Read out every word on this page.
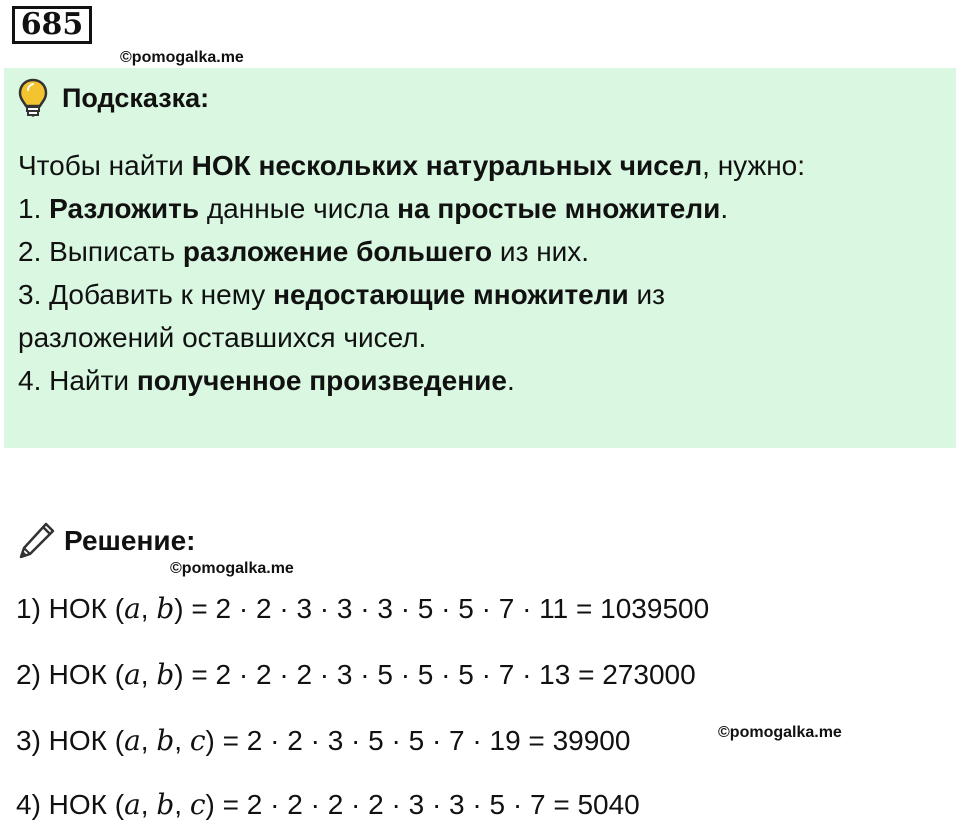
685
©pomogalka.me
Подсказка:

Чтобы найти НОК нескольких натуральных чисел, нужно:

1. Разложить данные числа на простые множители.

2. Выписать разложение большего из них.

3. Добавить к нему недостающие множители из

разложений оставшихся чисел.

4. Найти полученное произведение.

Решение:
©pomogalka.me
1) НОК (a, b) = 2 · 2 · 3 · 3 · 3 · 5 · 5 · 7 · 11 = 1039500
2) НОК (a, b) = 2 · 2 · 2 · 3 · 5 · 5 · 5 · 7 · 13 = 273000
3) НОК (a, b, c) = 2 · 2 · 3 · 5 · 5 · 7 · 19 = 39900
4) НОК (a, b, c) = 2 · 2 · 2 · 2 · 3 · 3 · 5 · 7 = 5040
©pomogalka.me
